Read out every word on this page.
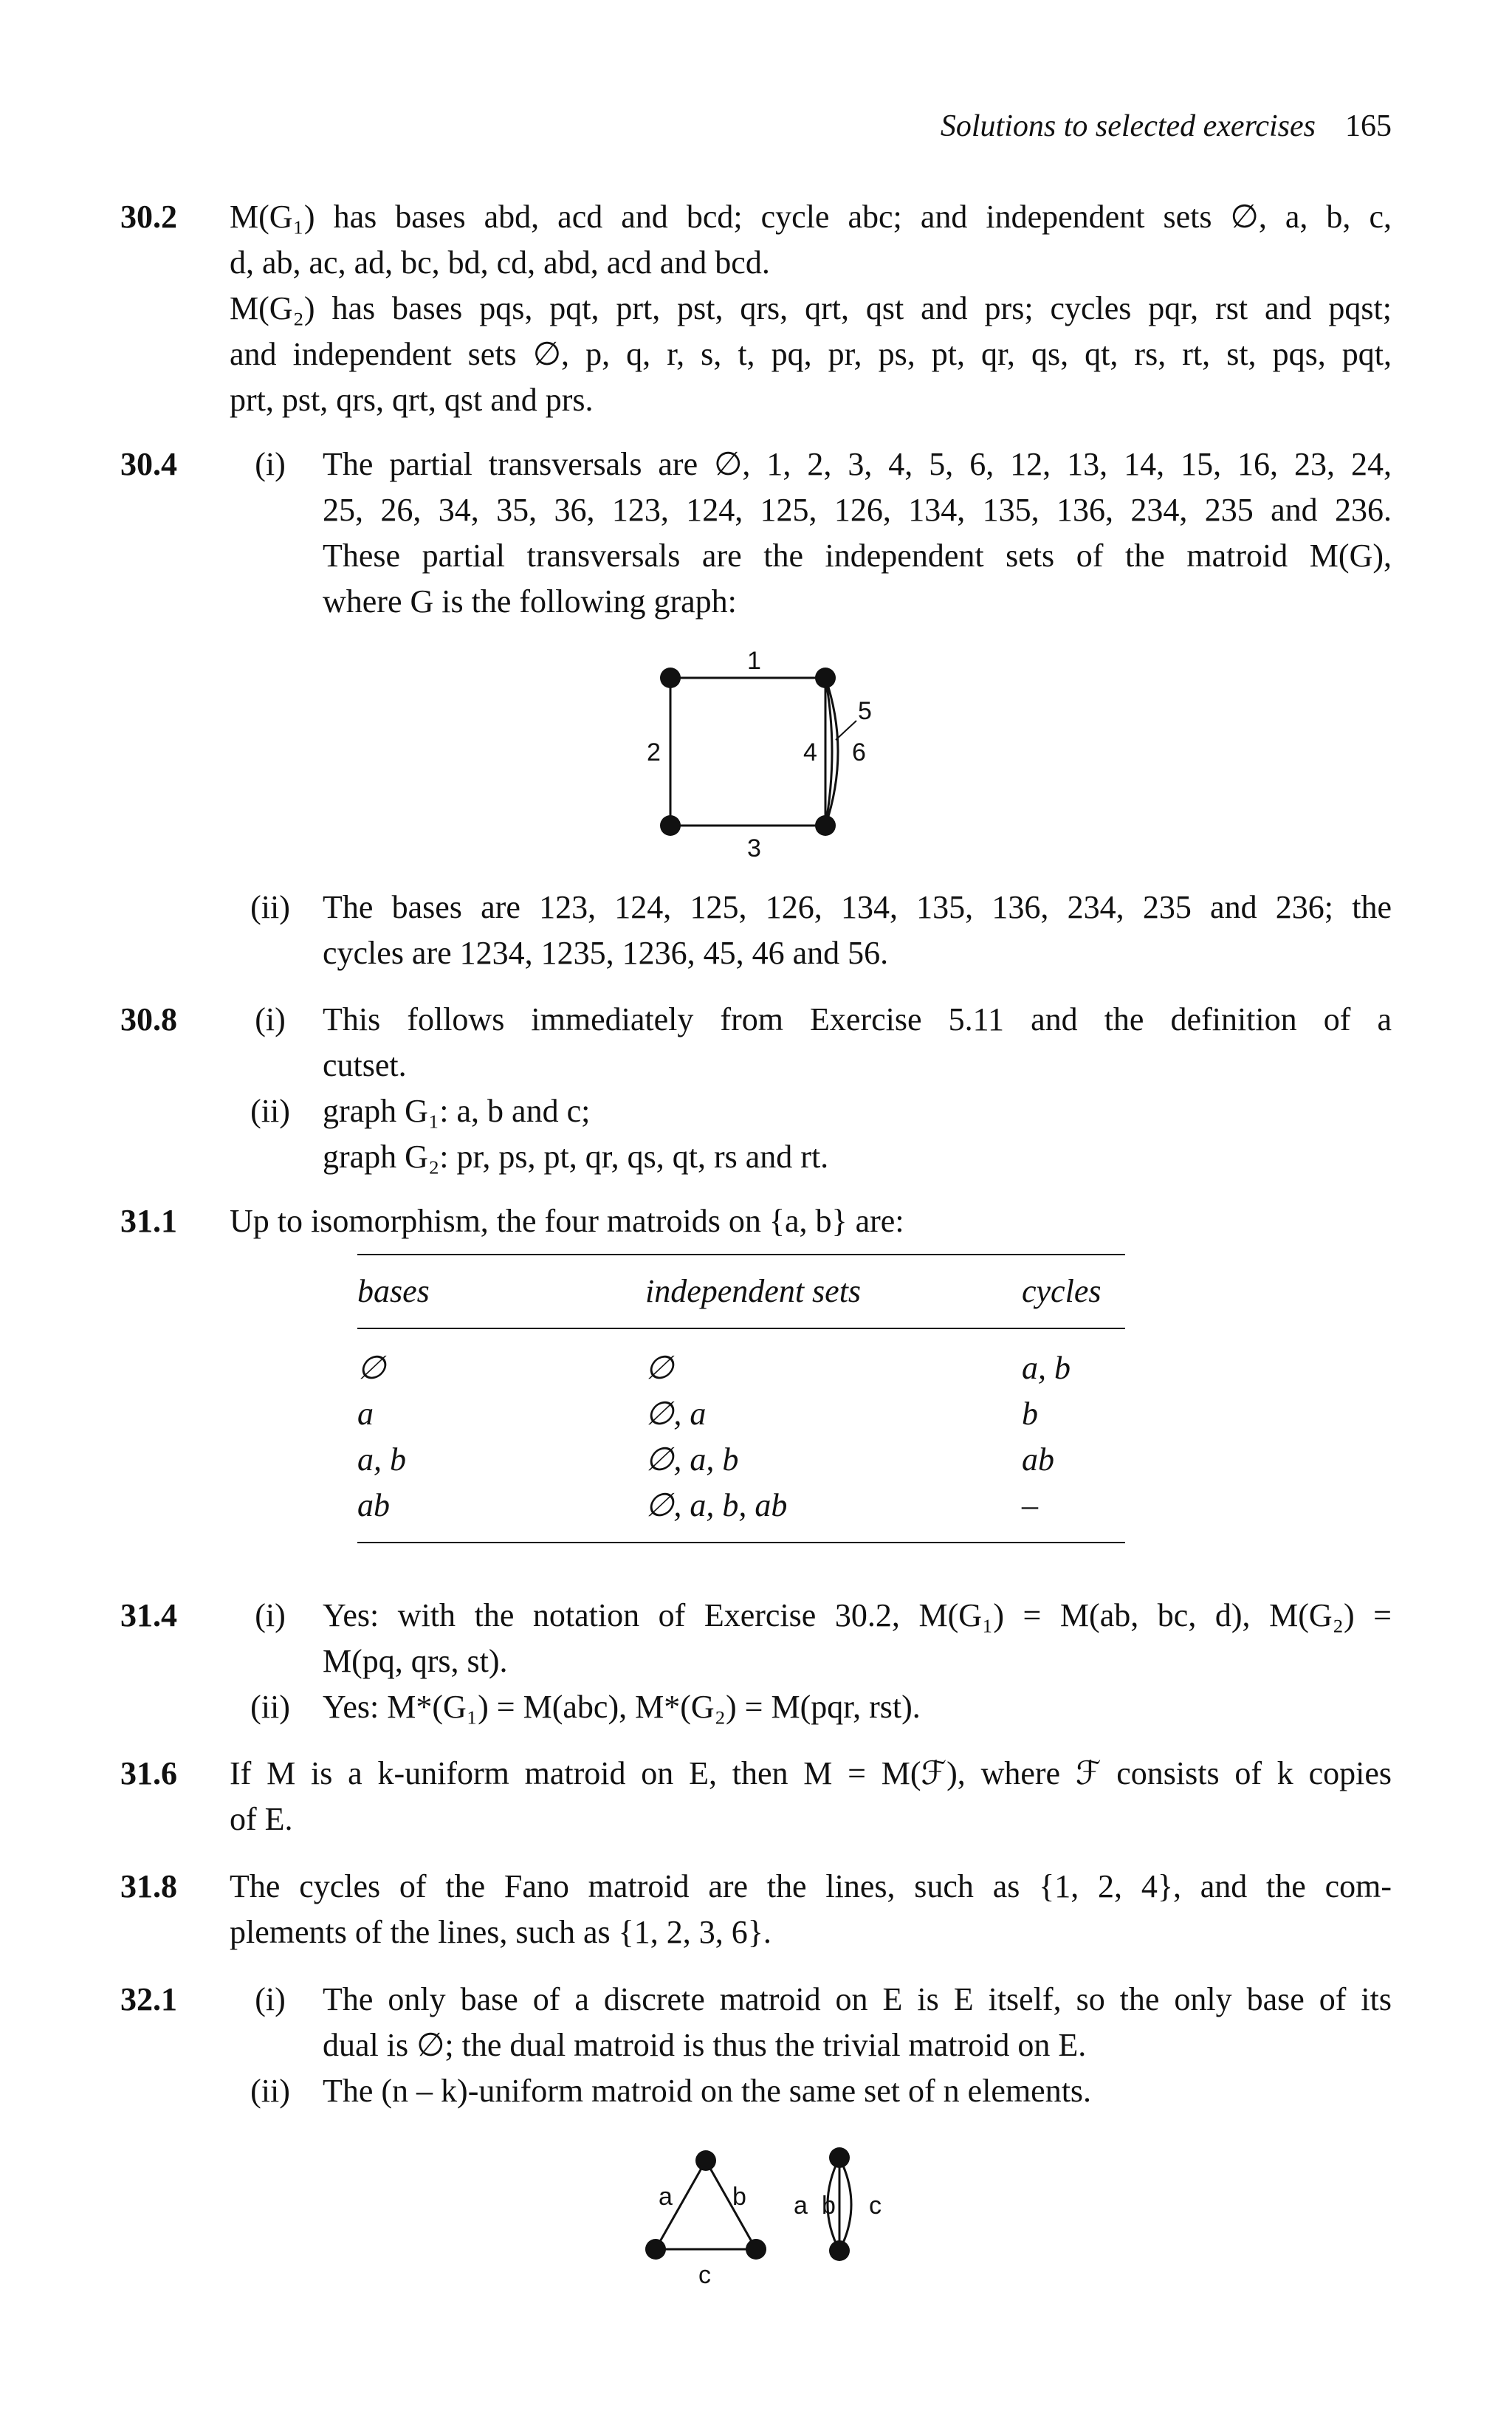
Solutions to selected exercises 165
30.2	M(G₁) has bases abd, acd and bcd; cycle abc; and independent sets ∅, a, b, c,
d, ab, ac, ad, bc, bd, cd, abd, acd and bcd.
M(G₂) has bases pqs, pqt, prt, pst, qrs, qrt, qst and prs; cycles pqr, rst and pqst;
and independent sets ∅, p, q, r, s, t, pq, pr, ps, pt, qr, qs, qt, rs, rt, st, pqs, pqt,
prt, pst, qrs, qrt, qst and prs.
30.4	(i)	The partial transversals are ∅, 1, 2, 3, 4, 5, 6, 12, 13, 14, 15, 16, 23, 24,
25, 26, 34, 35, 36, 123, 124, 125, 126, 134, 135, 136, 234, 235 and 236.
These partial transversals are the independent sets of the matroid M(G),
where G is the following graph:
1
2
3
4
5
6
(ii)	The bases are 123, 124, 125, 126, 134, 135, 136, 234, 235 and 236; the
cycles are 1234, 1235, 1236, 45, 46 and 56.
30.8	(i)	This follows immediately from Exercise 5.11 and the definition of a
cutset.
(ii)	graph G₁: a, b and c;
graph G₂: pr, ps, pt, qr, qs, qt, rs and rt.
31.1	Up to isomorphism, the four matroids on {a, b} are:
bases	independent sets	cycles

∅	∅	a, b
a	∅, a	b
a, b	∅, a, b	ab
ab	∅, a, b, ab	–

31.4	(i)	Yes: with the notation of Exercise 30.2, M(G₁) = M(ab, bc, d), M(G₂) =
M(pq, qrs, st).
(ii)	Yes: M*(G₁) = M(abc), M*(G₂) = M(pqr, rst).
31.6	If M is a k-uniform matroid on E, then M = M(ℱ), where ℱ consists of k copies
of E.
31.8	The cycles of the Fano matroid are the lines, such as {1, 2, 4}, and the com-
plements of the lines, such as {1, 2, 3, 6}.
32.1	(i)	The only base of a discrete matroid on E is E itself, so the only base of its
dual is ∅; the dual matroid is thus the trivial matroid on E.
(ii)	The (n – k)-uniform matroid on the same set of n elements.
a b
c
a b c
